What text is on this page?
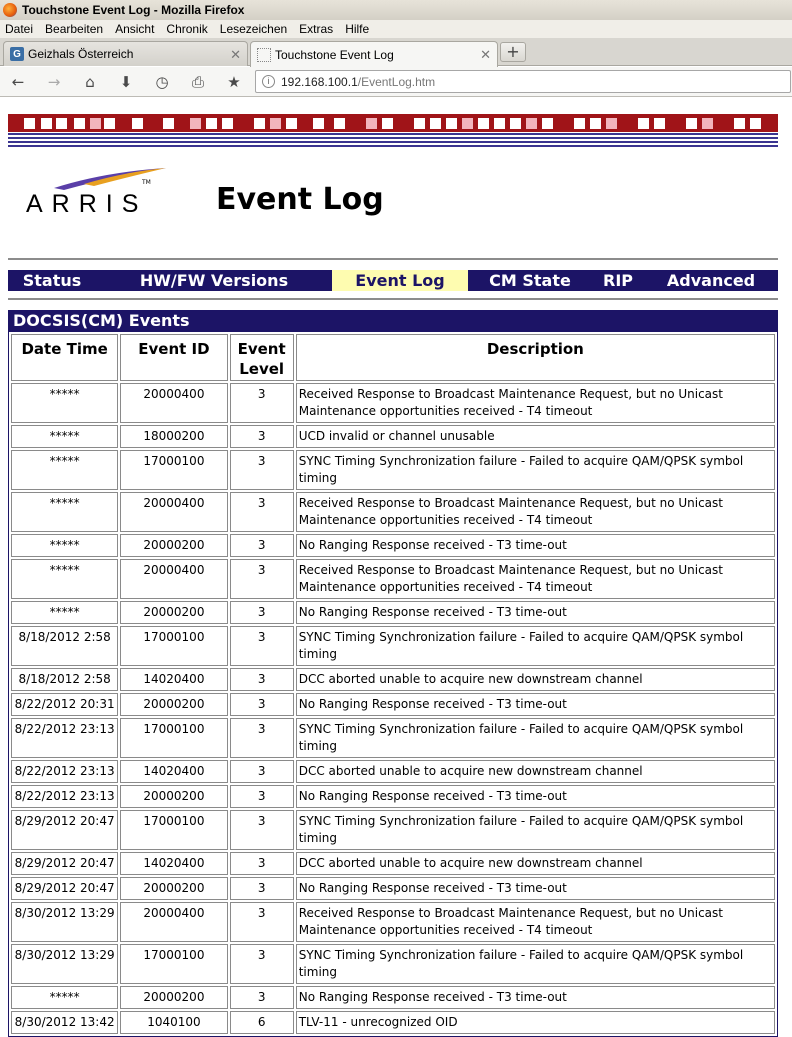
Touchstone Event Log - Mozilla Firefox
Datei Bearbeiten Ansicht Chronik Lesezeichen Extras Hilfe
G Geizhals Österreich	✕	Touchstone Event Log	✕ +
← →	⌂	⬇ ◷ ⎙ ★	i 192.168.100.1 /EventLog.htm
TM
ARRIS Event Log
Status	HW/FW Versions	Event Log	CM State	RIP	Advanced
DOCSIS(CM) Events
Date Time	Event ID	Event Level	Description
*****	20000400	3	Received Response to Broadcast Maintenance Request, but no Unicast Maintenance opportunities received - T4 timeout
*****	18000200	3	UCD invalid or channel unusable
*****	17000100	3	SYNC Timing Synchronization failure - Failed to acquire QAM/QPSK symbol timing
*****	20000400	3	Received Response to Broadcast Maintenance Request, but no Unicast Maintenance opportunities received - T4 timeout
*****	20000200	3	No Ranging Response received - T3 time-out
*****	20000400	3	Received Response to Broadcast Maintenance Request, but no Unicast Maintenance opportunities received - T4 timeout
*****	20000200	3	No Ranging Response received - T3 time-out
8/18/2012 2:58	17000100	3	SYNC Timing Synchronization failure - Failed to acquire QAM/QPSK symbol timing
8/18/2012 2:58	14020400	3	DCC aborted unable to acquire new downstream channel
8/22/2012 20:31	20000200	3	No Ranging Response received - T3 time-out
8/22/2012 23:13	17000100	3	SYNC Timing Synchronization failure - Failed to acquire QAM/QPSK symbol timing
8/22/2012 23:13	14020400	3	DCC aborted unable to acquire new downstream channel
8/22/2012 23:13	20000200	3	No Ranging Response received - T3 time-out
8/29/2012 20:47	17000100	3	SYNC Timing Synchronization failure - Failed to acquire QAM/QPSK symbol timing
8/29/2012 20:47	14020400	3	DCC aborted unable to acquire new downstream channel
8/29/2012 20:47	20000200	3	No Ranging Response received - T3 time-out
8/30/2012 13:29	20000400	3	Received Response to Broadcast Maintenance Request, but no Unicast Maintenance opportunities received - T4 timeout
8/30/2012 13:29	17000100	3	SYNC Timing Synchronization failure - Failed to acquire QAM/QPSK symbol timing
*****	20000200	3	No Ranging Response received - T3 time-out
8/30/2012 13:42	1040100	6	TLV-11 - unrecognized OID
